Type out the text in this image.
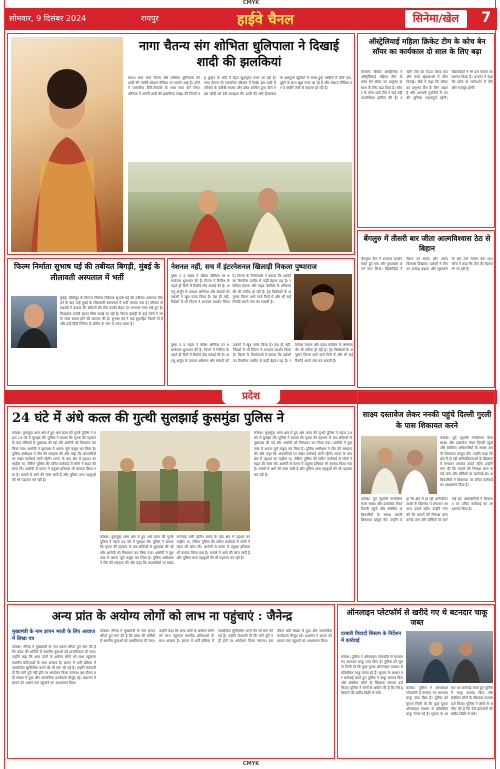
CMYK
सोमवार, 9 दिसंबर 2024	रायपुर	हाईवे चैनल	सिनेमा/खेल	7
नागा चैतन्य संग शोभिता धुलिपाला ने दिखाई शादी की झलकियां
साउथ स्टार नागा चैतन्य और शोभिता धुलिपाला की शादी की तस्वीरें सोशल मीडिया पर सामने आई हैं। दोनों ने पारंपरिक रीति-रिवाजों के साथ सात फेरे लिए। शोभिता ने अपनी शादी की झलकियां साझा कीं जिनमें वह दुल्हन के जोड़े में बेहद खूबसूरत नजर आ रही हैं। नागा चैतन्य भी पारंपरिक परिधान में दिखे। इस शादी में परिवार के करीबी सदस्य और दोस्त शामिल हुए। फैंस ने इस जोड़ी को ढेरों बधाइयां दीं। शादी की रस्में हैदराबाद के अन्नपूर्णा स्टूडियो में संपन्न हुईं। तस्वीरों में दोनों एक-दूसरे के साथ खुश नजर आ रहे हैं और सोशल मीडिया पर ये तस्वीरें तेजी से वायरल हो रही हैं।
ऑस्ट्रेलियाई महिला क्रिकेट टीम के कोच बेन सॉयर का कार्यकाल दो साल के लिए बढ़ा
मेलबर्न। क्रिकेट ऑस्ट्रेलिया ने ऑस्ट्रेलियाई महिला टीम के कोच बेन सॉयर का अनुबंध दो साल के लिए बढ़ा दिया है। सॉयर के कोच रहते टीम ने कई बड़ी उपलब्धियां हासिल की हैं। उन्होंने टीम को टी20 विश्व कप और वनडे श्रृंखलाओं में जीत दिलाई। बोर्ड ने कहा कि सॉयर का अनुभव टीम के लिए अहम है और आगामी टूर्नामेंटों में उनकी भूमिका महत्वपूर्ण रहेगी। खिलाड़ियों ने भी इस फैसले का स्वागत किया है। कप्तान ने कहा कि कोच के मार्गदर्शन में टीम और मजबूत होगी।
बेंगलुरु में तीसरी बार जीता आत्मविश्वास ठेठ से बिहान
बेंगलुरु। टीम ने शानदार प्रदर्शन करते हुए एक और मुकाबला अपने नाम किया। खिलाड़ियों ने मैदान पर संयम और आत्मविश्वास दिखाया। दर्शकों ने टीम का उत्साह बढ़ाया और मुकाबले के अंत तक रोमांच बना रहा। कोच ने कहा कि टीम की मेहनत रंग ला रही है।
फिल्म निर्माता सुभाष घई की तबीयत बिगड़ी, मुंबई के लीलावती अस्पताल में भर्ती
मुंबई। बॉलीवुड के दिग्गज निर्माता-निर्देशक सुभाष घई की तबीयत अचानक बिगड़ने के बाद उन्हें मुंबई के लीलावती अस्पताल में भर्ती कराया गया है। परिवार के सदस्यों ने बताया कि डॉक्टरों की टीम उनकी सेहत पर लगातार नजर रखे हुए है। फिलहाल उनकी हालत स्थिर बताई जा रही है। फिल्म इंडस्ट्री के कई लोगों ने उनके जल्द स्वस्थ होने की कामना की है। सुभाष घई ने कई सुपरहिट फिल्में दी हैं और उन्हें हिंदी सिनेमा के शोमैन के नाम से जाना जाता है।
नेशनल नहीं, सच में इंटरनेशनल खिलाड़ी निकला पुष्पाराज
पुष्पा 2 द राइज ने बॉक्स ऑफिस पर धमाकेदार शुरुआत की है। फिल्म ने रिलीज के पहले ही दिनों में रिकॉर्ड तोड़ कमाई की है। अल्लू अर्जुन के दमदार अभिनय और संवादों को दर्शकों ने खूब पसंद किया है। देश ही नहीं, विदेशों में भी फिल्म ने शानदार प्रदर्शन किया है। फिल्म के निर्माताओं ने बताया कि दर्शकों का रिस्पॉन्स उम्मीद से कहीं बेहतर रहा है। रश्मिका मंदाना और फहद फासिल के अभिनय की भी तारीफ हो रही है। ट्रेड विशेषज्ञों के अनुसार फिल्म आने वाले दिनों में और भी कई रिकॉर्ड अपने नाम कर सकती है।
पुष्पा 2 द राइज ने बॉक्स ऑफिस पर धमाकेदार शुरुआत की है। फिल्म ने रिलीज के पहले ही दिनों में रिकॉर्ड तोड़ कमाई की है। अल्लू अर्जुन के दमदार अभिनय और संवादों को दर्शकों ने खूब पसंद किया है। देश ही नहीं, विदेशों में भी फिल्म ने शानदार प्रदर्शन किया है। फिल्म के निर्माताओं ने बताया कि दर्शकों का रिस्पॉन्स उम्मीद से कहीं बेहतर रहा है। रश्मिका मंदाना और फहद फासिल के अभिनय की भी तारीफ हो रही है। ट्रेड विशेषज्ञों के अनुसार फिल्म आने वाले दिनों में और भी कई रिकॉर्ड अपने नाम कर सकती है।
प्रदेश
24 घंटे में अंधे कत्ल की गुत्थी सुलझाई कुसमुंडा पुलिस ने
कोरबा। कुसमुंडा थाना क्षेत्र में हुए अंधे कत्ल की गुत्थी पुलिस ने महज 24 घंटे में सुलझा ली। पुलिस ने बताया कि मृतक की पहचान के बाद संदिग्धों से पूछताछ की गई और आरोपी को गिरफ्तार कर लिया गया। आरोपी ने पूछताछ में अपना जुर्म कबूल कर लिया है। पुलिस अधीक्षक ने टीम की सराहना की और कहा कि अपराधियों पर सख्त कार्रवाई जारी रहेगी। घटना के बाद क्षेत्र में दहशत का माहौल था, लेकिन पुलिस की त्वरित कार्रवाई से लोगों ने राहत की सांस ली। आरोपी से घटना में प्रयुक्त हथियार भी बरामद किया गया है। मामले में आगे की जांच जारी है और पुलिस अन्य पहलुओं की भी पड़ताल कर रही है।
कोरबा। कुसमुंडा थाना क्षेत्र में हुए अंधे कत्ल की गुत्थी पुलिस ने महज 24 घंटे में सुलझा ली। पुलिस ने बताया कि मृतक की पहचान के बाद संदिग्धों से पूछताछ की गई और आरोपी को गिरफ्तार कर लिया गया। आरोपी ने पूछताछ में अपना जुर्म कबूल कर लिया है। पुलिस अधीक्षक ने टीम की सराहना की और कहा कि अपराधियों पर सख्त कार्रवाई जारी रहेगी। घटना के बाद क्षेत्र में दहशत का माहौल था, लेकिन पुलिस की त्वरित कार्रवाई से लोगों ने राहत की सांस ली। आरोपी से घटना में प्रयुक्त हथियार भी बरामद किया गया है। मामले में आगे की जांच जारी है और पुलिस अन्य पहलुओं की भी पड़ताल कर रही है।
कोरबा। कुसमुंडा थाना क्षेत्र में हुए अंधे कत्ल की गुत्थी पुलिस ने महज 24 घंटे में सुलझा ली। पुलिस ने बताया कि मृतक की पहचान के बाद संदिग्धों से पूछताछ की गई और आरोपी को गिरफ्तार कर लिया गया। आरोपी ने पूछताछ में अपना जुर्म कबूल कर लिया है। पुलिस अधीक्षक ने टीम की सराहना की और कहा कि अपराधियों पर सख्त कार्रवाई जारी रहेगी। घटना के बाद क्षेत्र में दहशत का माहौल था, लेकिन पुलिस की त्वरित कार्रवाई से लोगों ने राहत की सांस ली। आरोपी से घटना में प्रयुक्त हथियार भी बरामद किया गया है। मामले में आगे की जांच जारी है और पुलिस अन्य पहलुओं की भी पड़ताल कर रही है।
साक्ष्य दस्तावेज लेकर ननकी पहुंचे दिल्ली गुरली के पास शिकायत करने
कोरबा। पूर्व गृहमंत्री ननकीराम कंवर साक्ष्य और दस्तावेज लेकर दिल्ली पहुंचे और संबंधित अधिकारियों के समक्ष अपनी शिकायत प्रस्तुत की। उन्होंने कहा कि क्षेत्र में हो रही अनियमितताओं के खिलाफ वे लगातार आवाज उठाते रहेंगे। उन्होंने मांग की कि मामले की निष्पक्ष जांच कराई जाए और दोषियों पर कार्रवाई हो। अधिकारियों ने शिकायत पर उचित कार्रवाई का आश्वासन दिया है।
कोरबा। पूर्व गृहमंत्री ननकीराम कंवर साक्ष्य और दस्तावेज लेकर दिल्ली पहुंचे और संबंधित अधिकारियों के समक्ष अपनी शिकायत प्रस्तुत की। उन्होंने कहा कि क्षेत्र में हो रही अनियमितताओं के खिलाफ वे लगातार आवाज उठाते रहेंगे। उन्होंने मांग की कि मामले की निष्पक्ष जांच कराई जाए और दोषियों पर कार्रवाई हो। अधिकारियों ने शिकायत पर उचित कार्रवाई का आश्वासन दिया है।
अन्य प्रांत के अयोग्य लोगों को लाभ ना पहुंचाएं : जैनेन्द्र
मुख्यमंत्री के नाम ज्ञापन भरती के लिए आवाज में लिखा पत्र
कोरबा। जैनेन्द्र ने मुख्यमंत्री के नाम ज्ञापन सौंपते हुए मांग की है कि प्रदेश की भर्तियों में स्थानीय युवाओं को प्राथमिकता दी जाए। उन्होंने कहा कि अन्य प्रांतों के अयोग्य लोगों को लाभ पहुंचाना स्थानीय प्रतिभाओं के साथ अन्याय है। ज्ञापन में भर्ती प्रक्रिया में पारदर्शिता सुनिश्चित करने की भी मांग की गई है। उन्होंने चेतावनी दी कि मांगें पूरी नहीं होने पर आंदोलन किया जाएगा। इस दौरान बड़ी संख्या में युवा और सामाजिक कार्यकर्ता मौजूद रहे। प्रशासन ने ज्ञापन को शासन तक पहुंचाने का आश्वासन दिया।
कोरबा। जैनेन्द्र ने मुख्यमंत्री के नाम ज्ञापन सौंपते हुए मांग की है कि प्रदेश की भर्तियों में स्थानीय युवाओं को प्राथमिकता दी जाए। उन्होंने कहा कि अन्य प्रांतों के अयोग्य लोगों को लाभ पहुंचाना स्थानीय प्रतिभाओं के साथ अन्याय है। ज्ञापन में भर्ती प्रक्रिया में पारदर्शिता सुनिश्चित करने की भी मांग की गई है। उन्होंने चेतावनी दी कि मांगें पूरी नहीं होने पर आंदोलन किया जाएगा। इस दौरान बड़ी संख्या में युवा और सामाजिक कार्यकर्ता मौजूद रहे। प्रशासन ने ज्ञापन को शासन तक पहुंचाने का आश्वासन दिया।
ऑनलाइन प्लेटफॉर्म से खरीदे गए थे बटनदार चाकू जब्त
दरबारी विवादों सिस्टम के निर्देशन में कार्रवाई
कोरबा। पुलिस ने ऑनलाइन प्लेटफॉर्म से मंगवाए गए बटनदार चाकू जब्त किए हैं। पुलिस को सूचना मिली थी कि कुछ युवक ऑनलाइन माध्यम से प्रतिबंधित चाकू मंगवा रहे हैं। सूचना के आधार पर कार्रवाई करते हुए पुलिस ने चाकू बरामद किए और संबंधित लोगों के खिलाफ मामला दर्ज किया। पुलिस ने लोगों से अपील की है कि ऐसे हथियारों की खरीद-बिक्री से बचें।
कोरबा। पुलिस ने ऑनलाइन प्लेटफॉर्म से मंगवाए गए बटनदार चाकू जब्त किए हैं। पुलिस को सूचना मिली थी कि कुछ युवक ऑनलाइन माध्यम से प्रतिबंधित चाकू मंगवा रहे हैं। सूचना के आधार पर कार्रवाई करते हुए पुलिस ने चाकू बरामद किए और संबंधित लोगों के खिलाफ मामला दर्ज किया। पुलिस ने लोगों से अपील की है कि ऐसे हथियारों की खरीद-बिक्री से बचें।
CMYK
